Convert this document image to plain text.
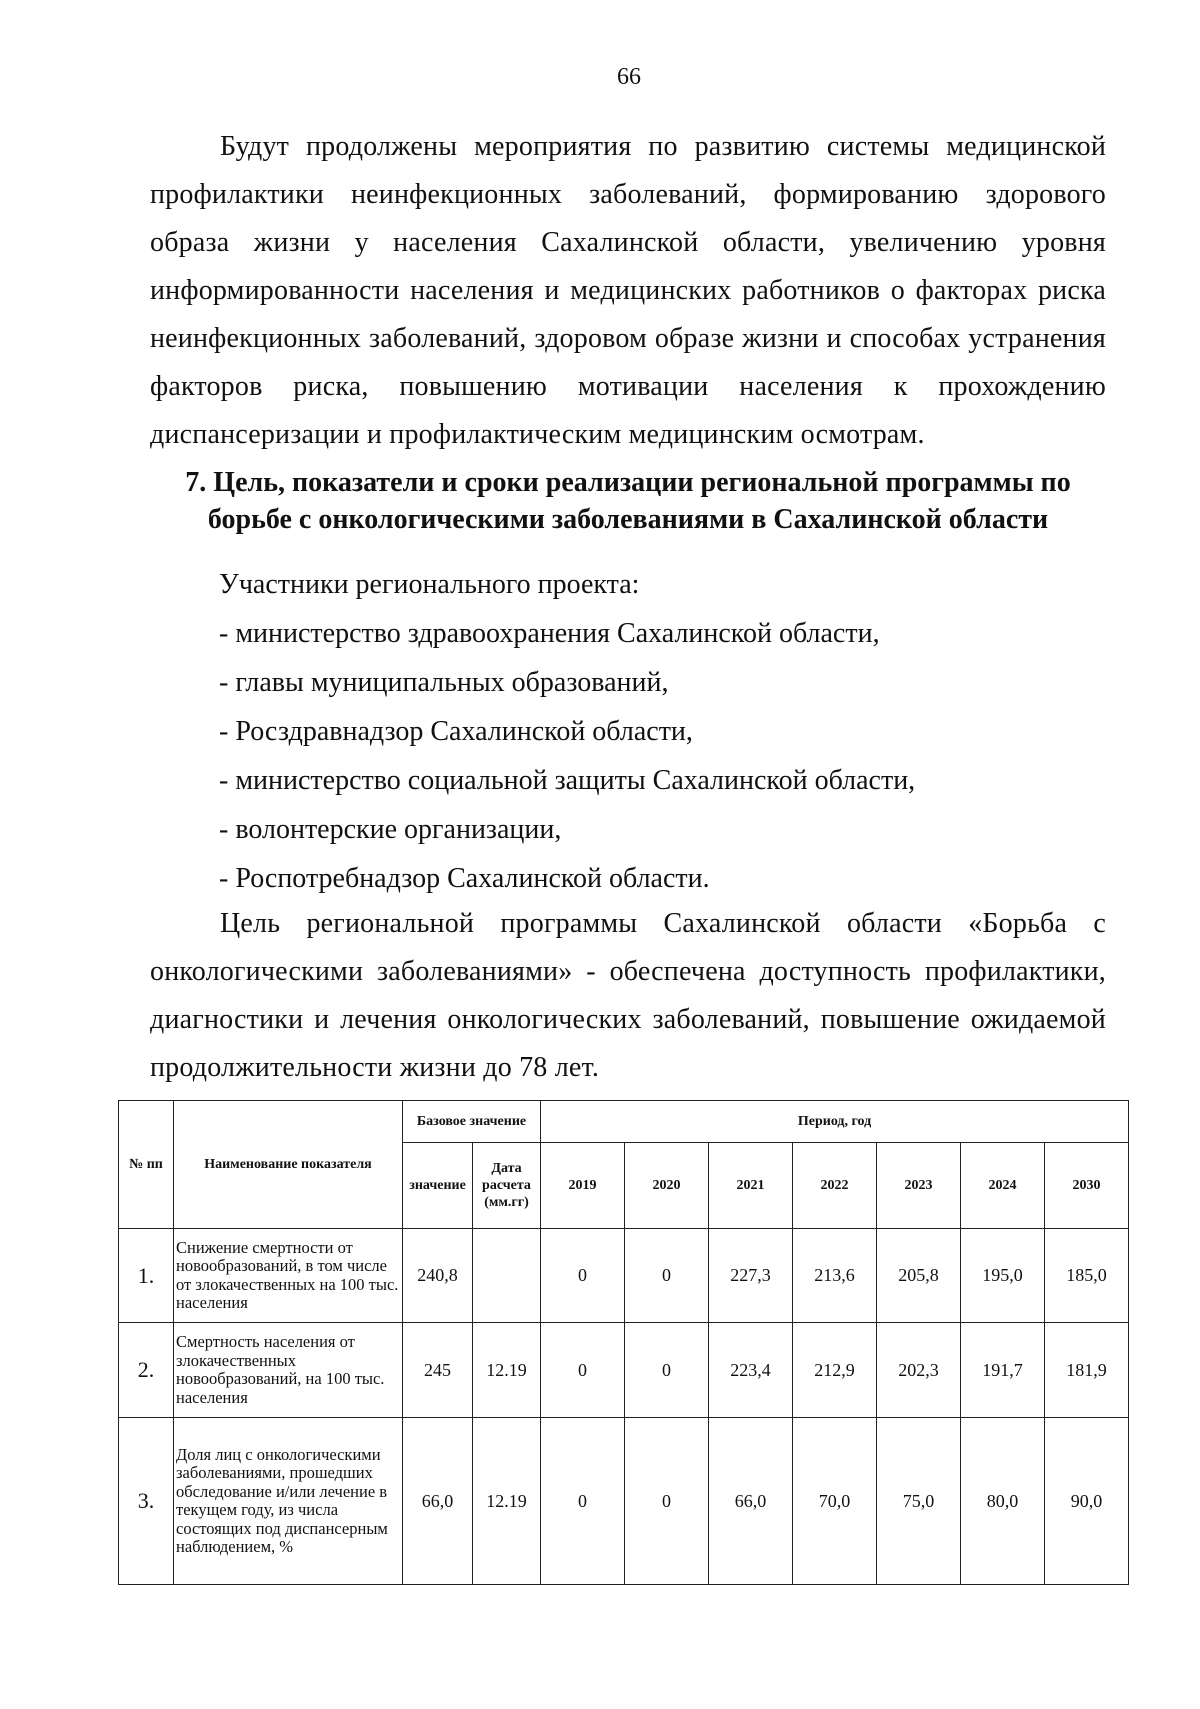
66

Будут продолжены мероприятия по развитию системы медицинской профилактики неинфекционных заболеваний, формированию здорового образа жизни у населения Сахалинской области, увеличению уровня информированности населения и медицинских работников о факторах риска неинфекционных заболеваний, здоровом образе жизни и способах устранения факторов риска, повышению мотивации населения к прохождению диспансеризации и профилактическим медицинским осмотрам.

7. Цель, показатели и сроки реализации региональной программы по борьбе с онкологическими заболеваниями в Сахалинской области
Участники регионального проекта:
- министерство здравоохранения Сахалинской области,
- главы муниципальных образований,
- Росздравнадзор Сахалинской области,
- министерство социальной защиты Сахалинской области,
- волонтерские организации,
- Роспотребнадзор Сахалинской области.

Цель региональной программы Сахалинской области «Борьба с онкологическими заболеваниями» - обеспечена доступность профилактики, диагностики и лечения онкологических заболеваний, повышение ожидаемой продолжительности жизни до 78 лет.

№ пп	Наименование показателя	Базовое значение		Период, год						
		значение	Дата расчета (мм.гг)	2019	2020	2021	2022	2023	2024	2030
1.	Снижение смертности от новообразований, в том числе от злокачественных на 100 тыс. населения	240,8		0	0	227,3	213,6	205,8	195,0	185,0
2.	Смертность населения от злокачественных новообразований, на 100 тыс. населения	245	12.19	0	0	223,4	212,9	202,3	191,7	181,9
3.	Доля лиц с онкологическими заболеваниями, прошедших обследование и/или лечение в текущем году, из числа состоящих под диспансерным наблюдением, %	66,0	12.19	0	0	66,0	70,0	75,0	80,0	90,0
